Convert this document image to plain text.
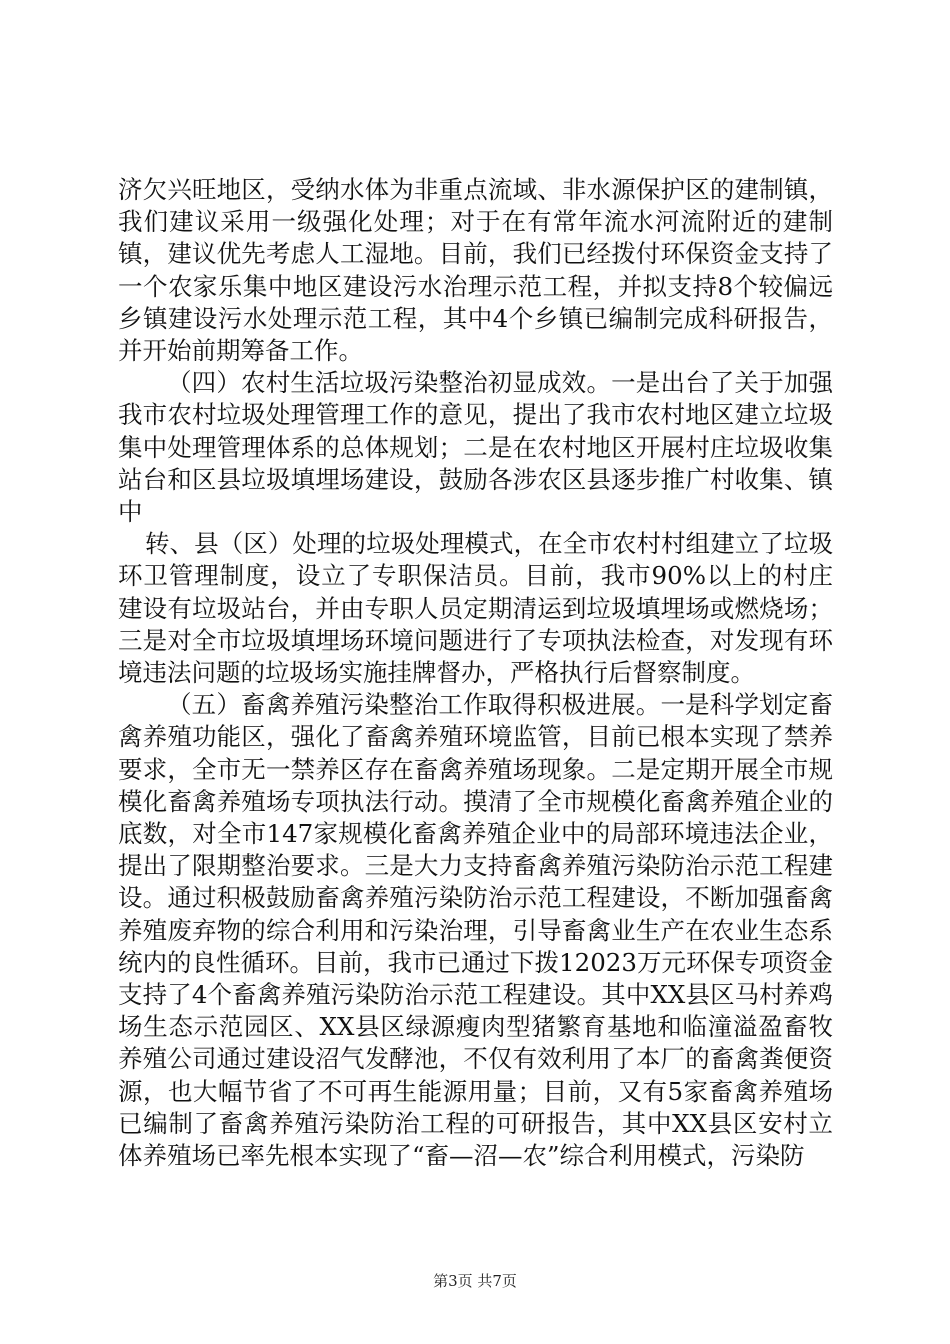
济欠兴旺地区，受纳水体为非重点流域、非水源保护区的建制镇，我们建议采用一级强化处理；对于在有常年流水河流附近的建制镇，建议优先考虑人工湿地。目前，我们已经拨付环保资金支持了一个农家乐集中地区建设污水治理示范工程，并拟支持8个较偏远乡镇建设污水处理示范工程，其中4个乡镇已编制完成科研报告，并开始前期筹备工作。

（四）农村生活垃圾污染整治初显成效。一是出台了关于加强我市农村垃圾处理管理工作的意见，提出了我市农村地区建立垃圾集中处理管理体系的总体规划；二是在农村地区开展村庄垃圾收集站台和区县垃圾填埋场建设，鼓励各涉农区县逐步推广村收集、镇中

转、县（区）处理的垃圾处理模式，在全市农村村组建立了垃圾环卫管理制度，设立了专职保洁员。目前，我市90%以上的村庄建设有垃圾站台，并由专职人员定期清运到垃圾填埋场或燃烧场；三是对全市垃圾填埋场环境问题进行了专项执法检查，对发现有环境违法问题的垃圾场实施挂牌督办，严格执行后督察制度。

（五）畜禽养殖污染整治工作取得积极进展。一是科学划定畜禽养殖功能区，强化了畜禽养殖环境监管，目前已根本实现了禁养要求，全市无一禁养区存在畜禽养殖场现象。二是定期开展全市规模化畜禽养殖场专项执法行动。摸清了全市规模化畜禽养殖企业的底数，对全市147家规模化畜禽养殖企业中的局部环境违法企业，提出了限期整治要求。三是大力支持畜禽养殖污染防治示范工程建设。通过积极鼓励畜禽养殖污染防治示范工程建设，不断加强畜禽养殖废弃物的综合利用和污染治理，引导畜禽业生产在农业生态系统内的良性循环。目前，我市已通过下拨12023万元环保专项资金支持了4个畜禽养殖污染防治示范工程建设。其中XX县区马村养鸡场生态示范园区、XX县区绿源瘦肉型猪繁育基地和临潼溢盈畜牧养殖公司通过建设沼气发酵池，不仅有效利用了本厂的畜禽粪便资源，也大幅节省了不可再生能源用量；目前，又有5家畜禽养殖场已编制了畜禽养殖污染防治工程的可研报告，其中XX县区安村立体养殖场已率先根本实现了“畜—沼—农”综合利用模式，污染防

第3页 共7页
